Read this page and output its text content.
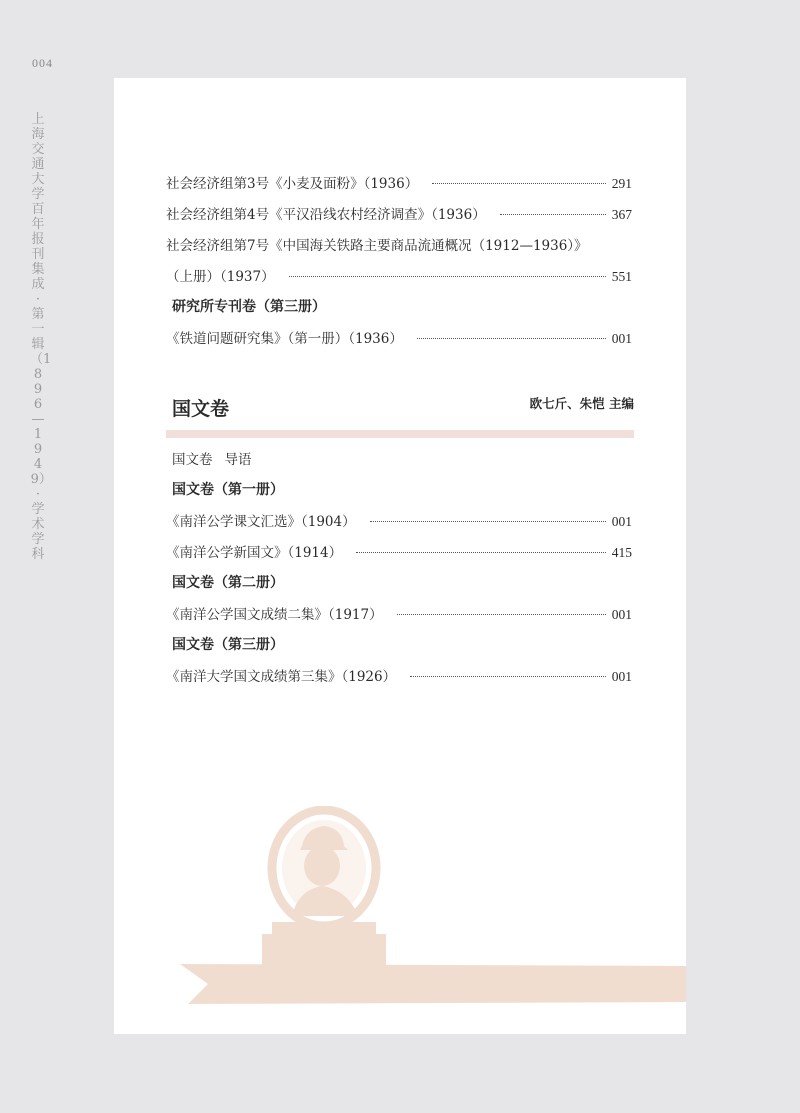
004
上海交通大学百年报刊集成·第一辑（1896—1949）·学术学科
社会经济组第3号《小麦及面粉》（1936）	291
社会经济组第4号《平汉沿线农村经济调查》（1936）	367
社会经济组第7号《中国海关铁路主要商品流通概况（1912—1936）》
（上册）（1937）	551
研究所专刊卷（第三册）
《铁道问题研究集》（第一册）（1936）	001
国文卷	欧七斤、朱恺 主编
国文卷 导语
国文卷（第一册）
《南洋公学课文汇选》（1904）	001
《南洋公学新国文》（1914）	415
国文卷（第二册）
《南洋公学国文成绩二集》（1917）	001
国文卷（第三册）
《南洋大学国文成绩第三集》（1926）	001
